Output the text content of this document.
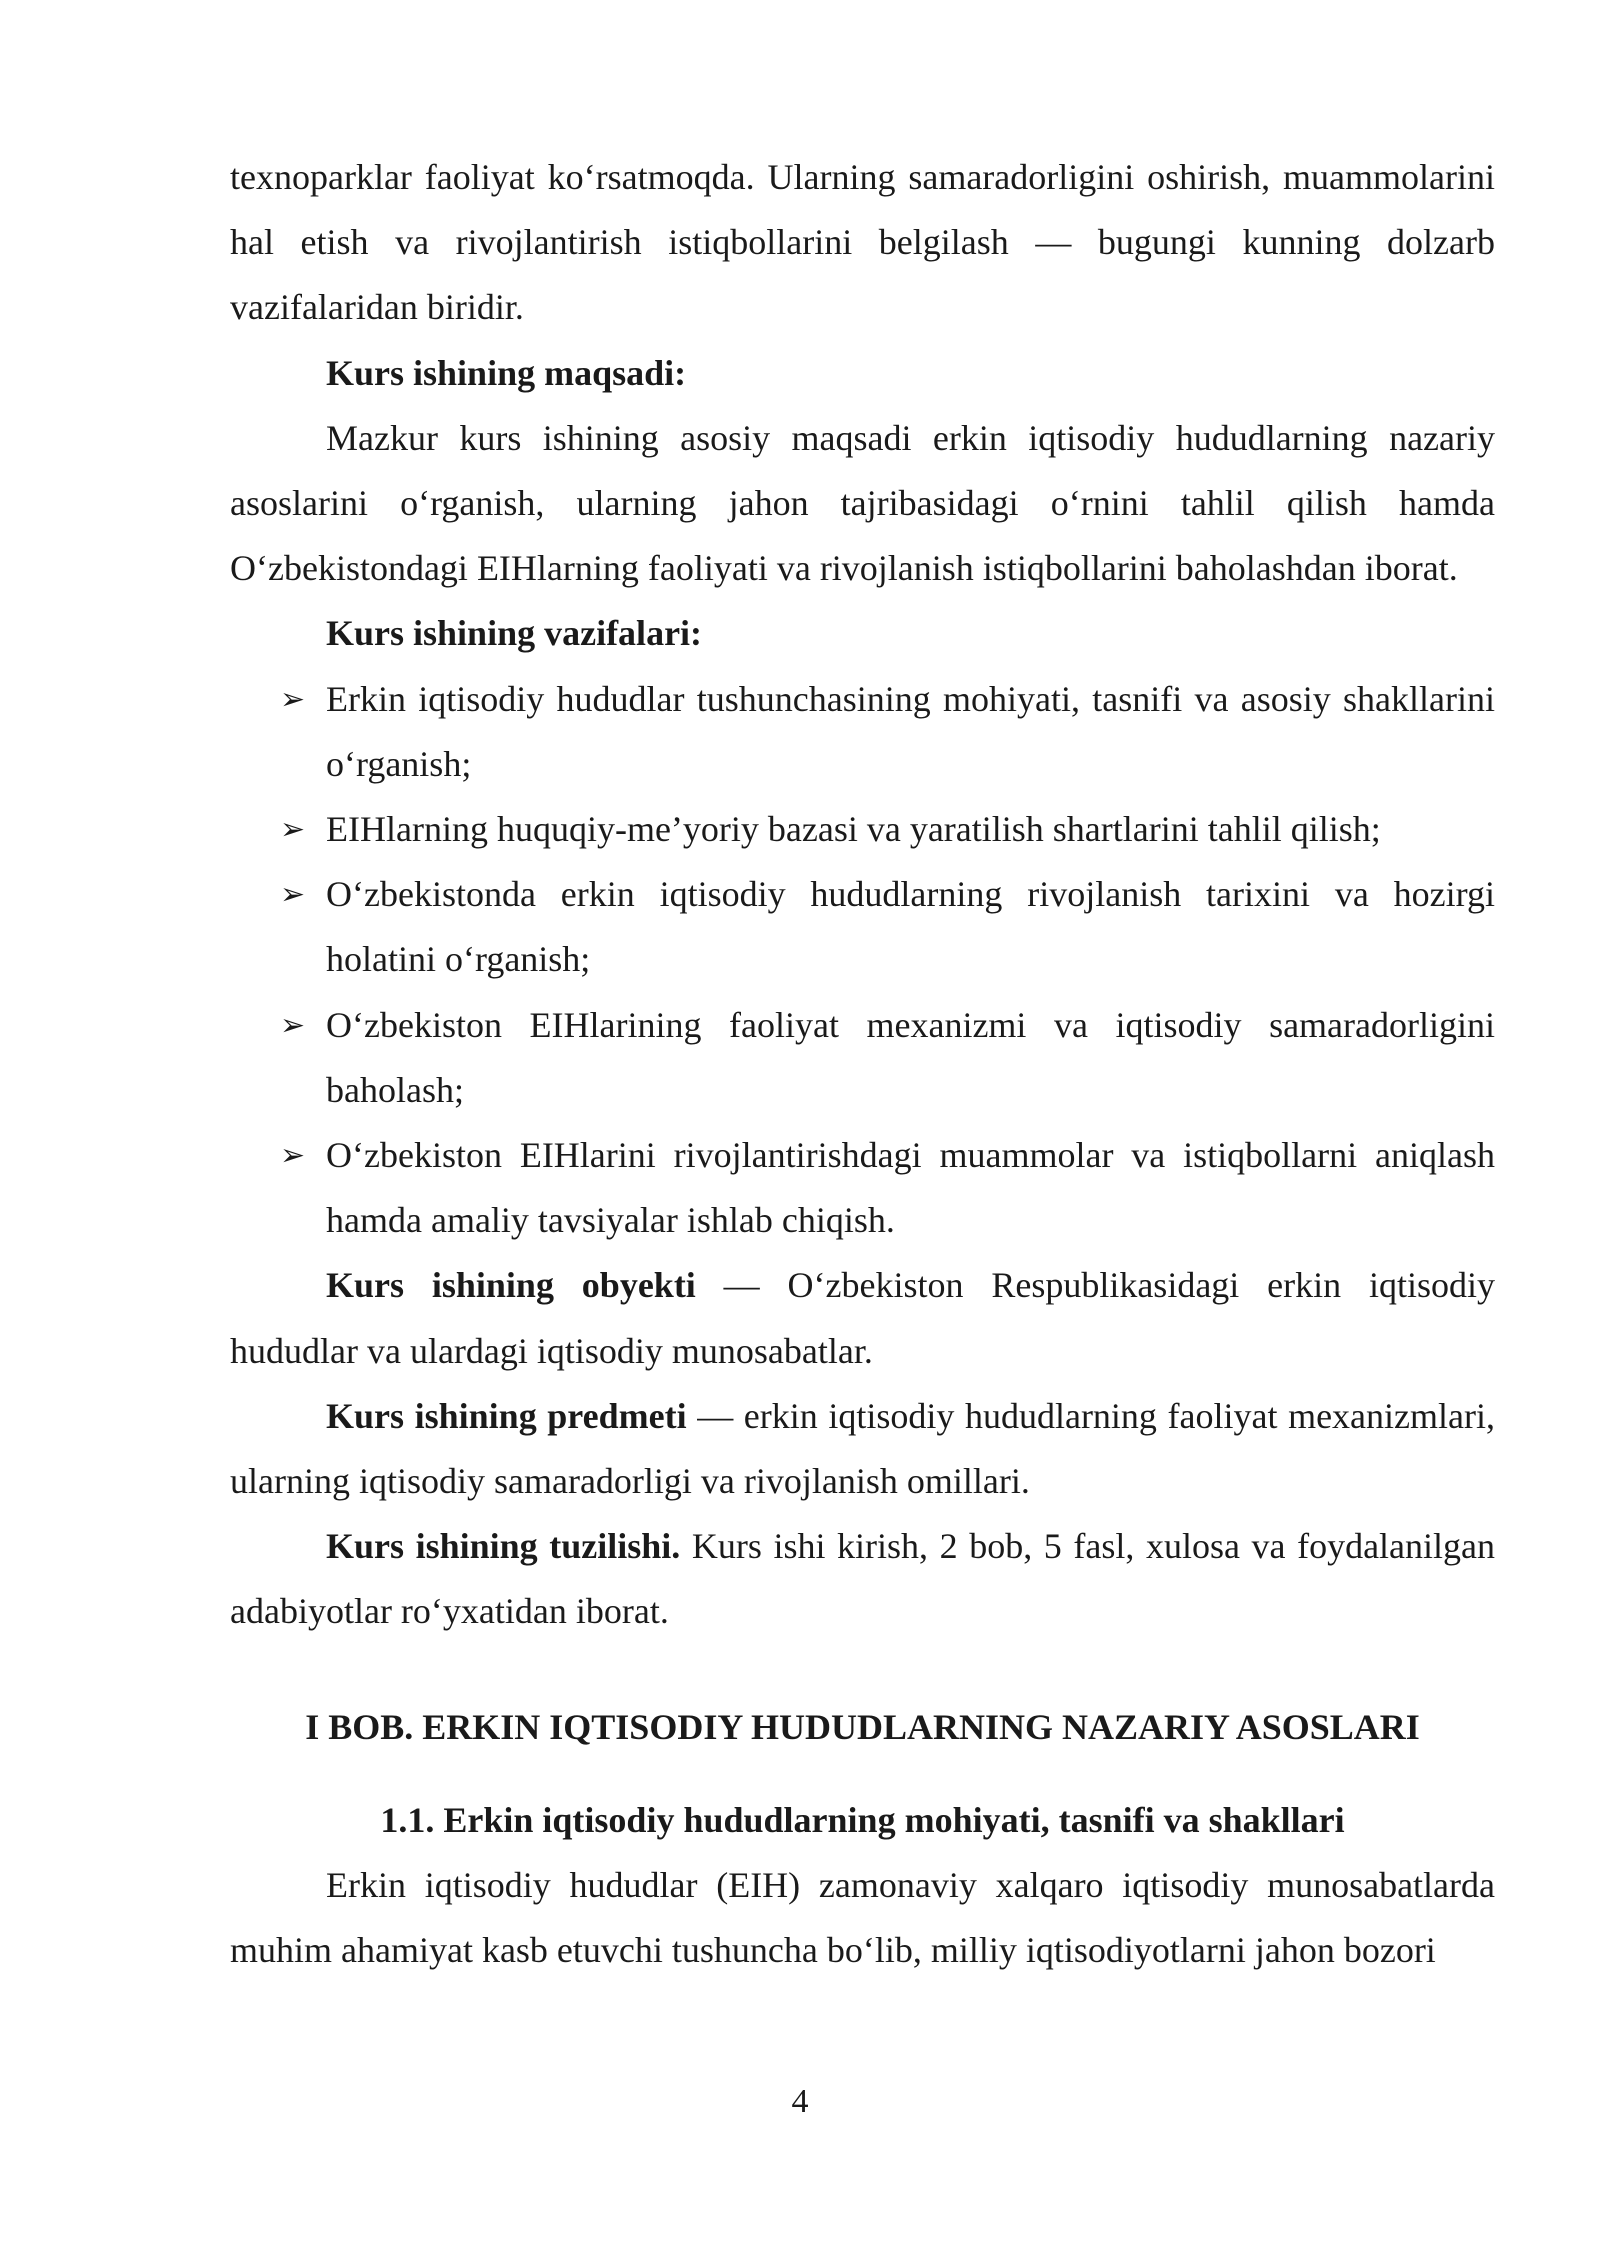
texnoparklar faoliyat ko‘rsatmoqda. Ularning samaradorligini oshirish, muammolarini hal etish va rivojlantirish istiqbollarini belgilash — bugungi kunning dolzarb vazifalaridan biridir.

Kurs ishining maqsadi:

Mazkur kurs ishining asosiy maqsadi erkin iqtisodiy hududlarning nazariy asoslarini o‘rganish, ularning jahon tajribasidagi o‘rnini tahlil qilish hamda O‘zbekistondagi EIHlarning faoliyati va rivojlanish istiqbollarini baholashdan iborat.

Kurs ishining vazifalari:

➢ Erkin iqtisodiy hududlar tushunchasining mohiyati, tasnifi va asosiy shakllarini o‘rganish;
➢ EIHlarning huquqiy-me’yoriy bazasi va yaratilish shartlarini tahlil qilish;
➢ O‘zbekistonda erkin iqtisodiy hududlarning rivojlanish tarixini va hozirgi holatini o‘rganish;
➢ O‘zbekiston EIHlarining faoliyat mexanizmi va iqtisodiy samaradorligini baholash;
➢ O‘zbekiston EIHlarini rivojlantirishdagi muammolar va istiqbollarni aniqlash hamda amaliy tavsiyalar ishlab chiqish.

Kurs ishining obyekti — O‘zbekiston Respublikasidagi erkin iqtisodiy hududlar va ulardagi iqtisodiy munosabatlar.

Kurs ishining predmeti — erkin iqtisodiy hududlarning faoliyat mexanizmlari, ularning iqtisodiy samaradorligi va rivojlanish omillari.

Kurs ishining tuzilishi. Kurs ishi kirish, 2 bob, 5 fasl, xulosa va foydalanilgan adabiyotlar ro‘yxatidan iborat.

I BOB. ERKIN IQTISODIY HUDUDLARNING NAZARIY ASOSLARI

1.1. Erkin iqtisodiy hududlarning mohiyati, tasnifi va shakllari

Erkin iqtisodiy hududlar (EIH) zamonaviy xalqaro iqtisodiy munosabatlarda muhim ahamiyat kasb etuvchi tushuncha bo‘lib, milliy iqtisodiyotlarni jahon bozori

4
